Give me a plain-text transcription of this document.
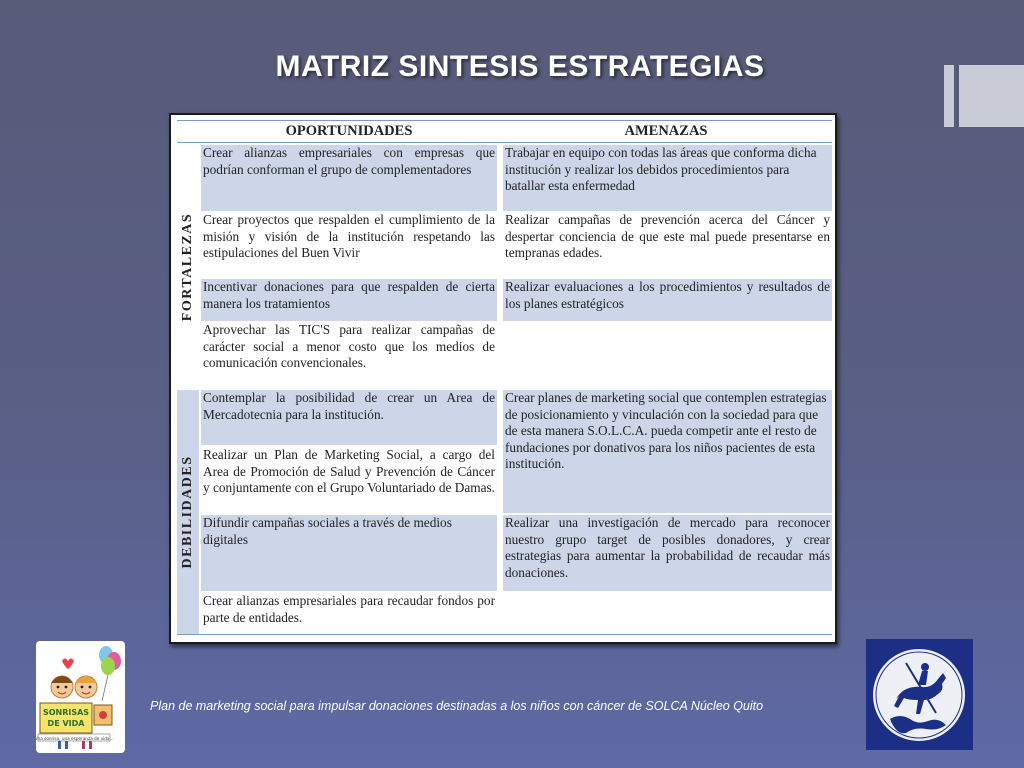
MATRIZ SINTESIS ESTRATEGIAS
OPORTUNIDADES	AMENAZAS
FORTALEZAS
DEBILIDADES
Crear alianzas empresariales con empresas que podrían conforman el grupo de complementadores
Trabajar en equipo con todas las áreas que conforma dicha institución y realizar los debidos procedimientos para batallar esta enfermedad
Crear proyectos que respalden el cumplimiento de la misión y visión de la institución respetando las estipulaciones del Buen Vivir
Realizar campañas de prevención acerca del Cáncer y despertar conciencia de que este mal puede presentarse en tempranas edades.
Incentivar donaciones para que respalden de cierta manera los tratamientos
Realizar evaluaciones a los procedimientos y resultados de los planes estratégicos
Aprovechar las TIC'S para realizar campañas de carácter social a menor costo que los medios de comunicación convencionales.
Contemplar la posibilidad de crear un Area de Mercadotecnia para la institución.
Crear planes de marketing social que contemplen estrategias de posicionamiento y vinculación con la sociedad para que de esta manera S.O.L.C.A. pueda competir ante el resto de fundaciones por donativos para los niños pacientes de esta institución.
Realizar un Plan de Marketing Social, a cargo del Area de Promoción de Salud y Prevención de Cáncer y conjuntamente con el Grupo Voluntariado de Damas.
Difundir campañas sociales a través de medios digitales
Realizar una investigación de mercado para reconocer nuestro grupo target de posibles donadores, y crear estrategias para aumentar la probabilidad de recaudar más donaciones.
Crear alianzas empresariales para recaudar fondos por parte de entidades.
SONRISAS
DE VIDA
Una sonrisa, una esperanza de vida...
Plan de marketing social para impulsar donaciones destinadas a los niños con cáncer de SOLCA Núcleo Quito
